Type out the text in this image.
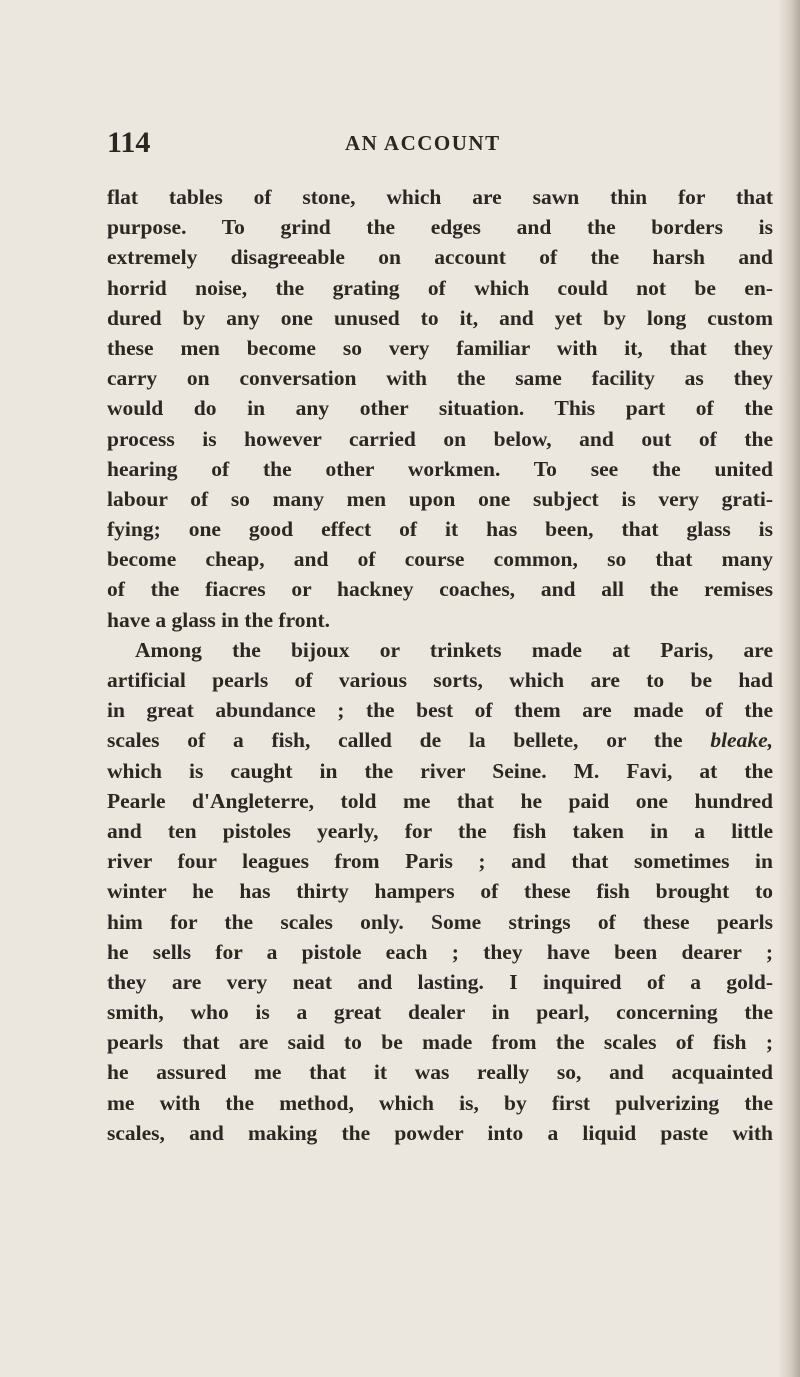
114	AN ACCOUNT
flat tables of stone, which are sawn thin for that
purpose. To grind the edges and the borders is
extremely disagreeable on account of the harsh and
horrid noise, the grating of which could not be en-
dured by any one unused to it, and yet by long custom
these men become so very familiar with it, that they
carry on conversation with the same facility as they
would do in any other situation. This part of the
process is however carried on below, and out of the
hearing of the other workmen. To see the united
labour of so many men upon one subject is very grati-
fying; one good effect of it has been, that glass is
become cheap, and of course common, so that many
of the fiacres or hackney coaches, and all the remises
have a glass in the front.
Among the bijoux or trinkets made at Paris, are
artificial pearls of various sorts, which are to be had
in great abundance ; the best of them are made of the
scales of a fish, called de la bellete, or the bleake,
which is caught in the river Seine. M. Favi, at the
Pearle d'Angleterre, told me that he paid one hundred
and ten pistoles yearly, for the fish taken in a little
river four leagues from Paris ; and that sometimes in
winter he has thirty hampers of these fish brought to
him for the scales only. Some strings of these pearls
he sells for a pistole each ; they have been dearer ;
they are very neat and lasting. I inquired of a gold-
smith, who is a great dealer in pearl, concerning the
pearls that are said to be made from the scales of fish ;
he assured me that it was really so, and acquainted
me with the method, which is, by first pulverizing the
scales, and making the powder into a liquid paste with
